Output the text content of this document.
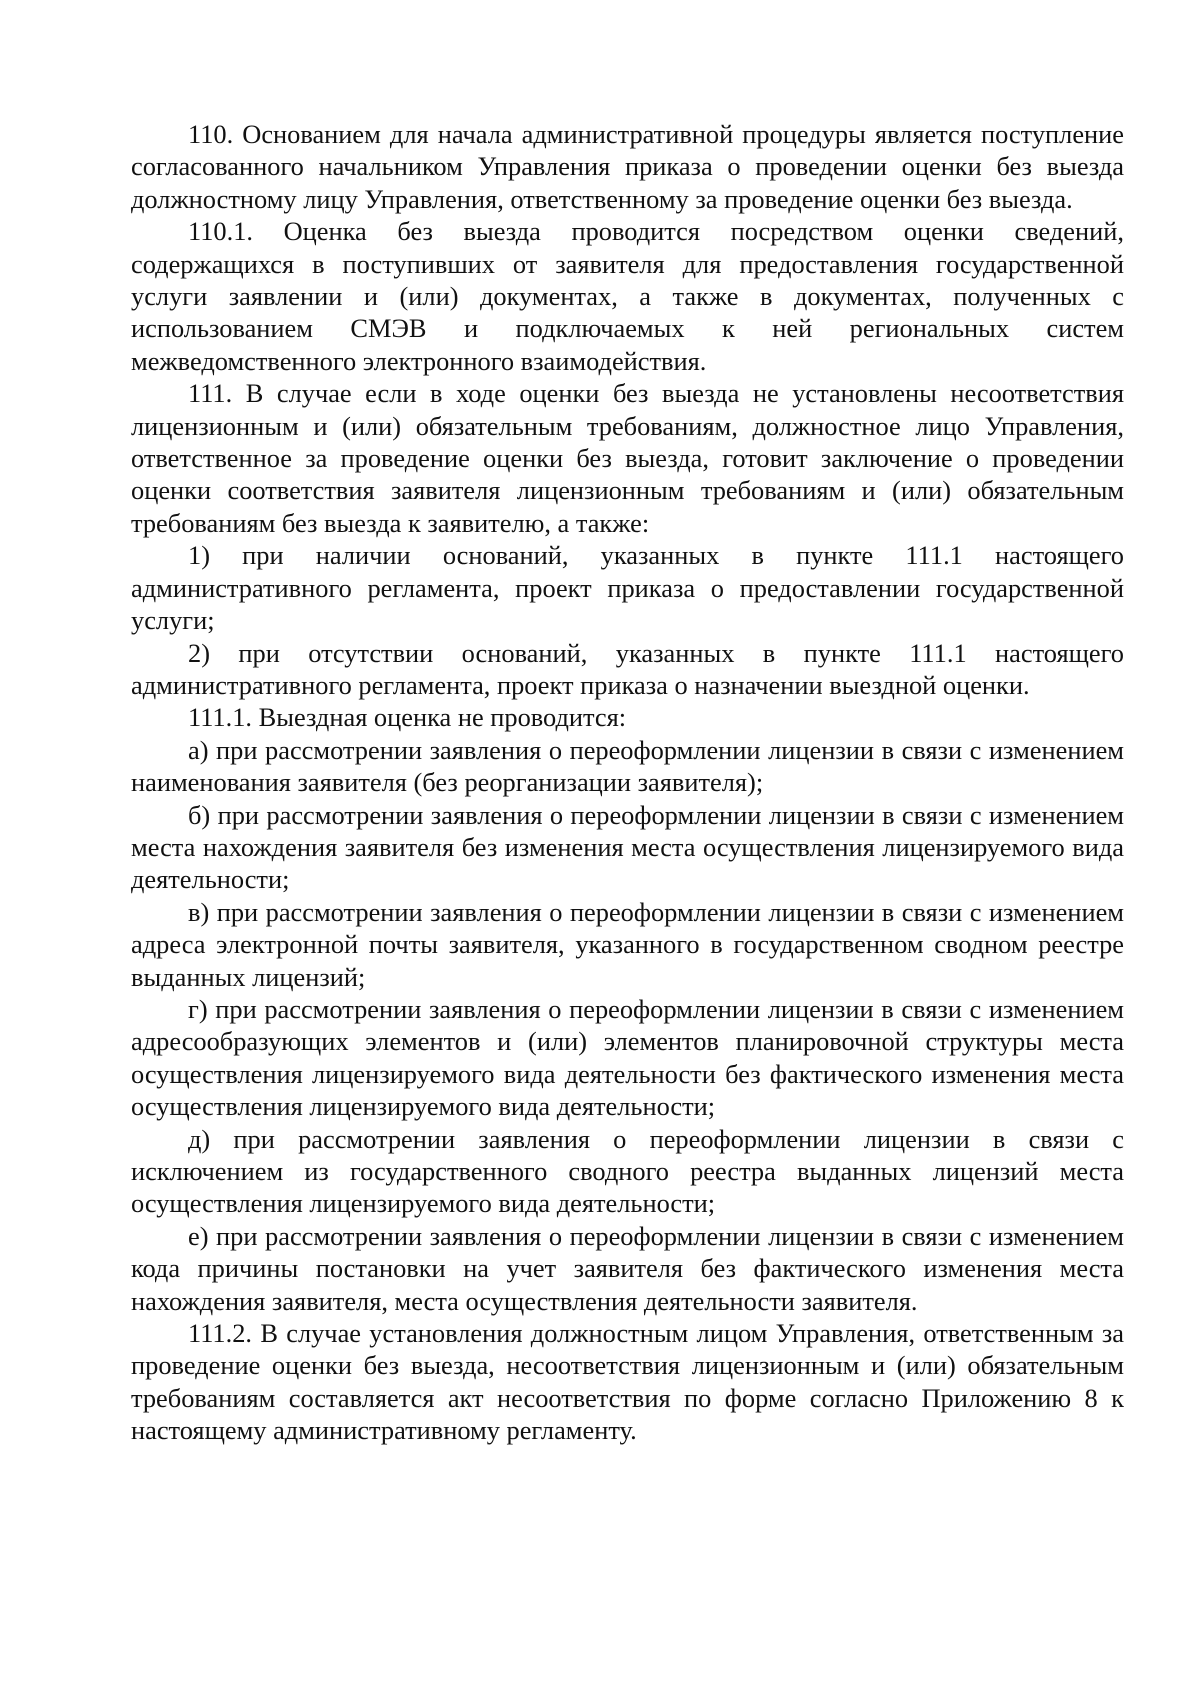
110. Основанием для начала административной процедуры является поступление согласованного начальником Управления приказа о проведении оценки без выезда должностному лицу Управления, ответственному за проведение оценки без выезда.

110.1. Оценка без выезда проводится посредством оценки сведений, содержащихся в поступивших от заявителя для предоставления государственной услуги заявлении и (или) документах, а также в документах, полученных с использованием СМЭВ и подключаемых к ней региональных систем межведомственного электронного взаимодействия.

111. В случае если в ходе оценки без выезда не установлены несоответствия лицензионным и (или) обязательным требованиям, должностное лицо Управления, ответственное за проведение оценки без выезда, готовит заключение о проведении оценки соответствия заявителя лицензионным требованиям и (или) обязательным требованиям без выезда к заявителю, а также:

1) при наличии оснований, указанных в пункте 111.1 настоящего административного регламента, проект приказа о предоставлении государственной услуги;

2) при отсутствии оснований, указанных в пункте 111.1 настоящего административного регламента, проект приказа о назначении выездной оценки.

111.1. Выездная оценка не проводится:

а) при рассмотрении заявления о переоформлении лицензии в связи с изменением наименования заявителя (без реорганизации заявителя);

б) при рассмотрении заявления о переоформлении лицензии в связи с изменением места нахождения заявителя без изменения места осуществления лицензируемого вида деятельности;

в) при рассмотрении заявления о переоформлении лицензии в связи с изменением адреса электронной почты заявителя, указанного в государственном сводном реестре выданных лицензий;

г) при рассмотрении заявления о переоформлении лицензии в связи с изменением адресообразующих элементов и (или) элементов планировочной структуры места осуществления лицензируемого вида деятельности без фактического изменения места осуществления лицензируемого вида деятельности;

д) при рассмотрении заявления о переоформлении лицензии в связи с исключением из государственного сводного реестра выданных лицензий места осуществления лицензируемого вида деятельности;

е) при рассмотрении заявления о переоформлении лицензии в связи с изменением кода причины постановки на учет заявителя без фактического изменения места нахождения заявителя, места осуществления деятельности заявителя.

111.2. В случае установления должностным лицом Управления, ответственным за проведение оценки без выезда, несоответствия лицензионным и (или) обязательным требованиям составляется акт несоответствия по форме согласно Приложению 8 к настоящему административному регламенту.
